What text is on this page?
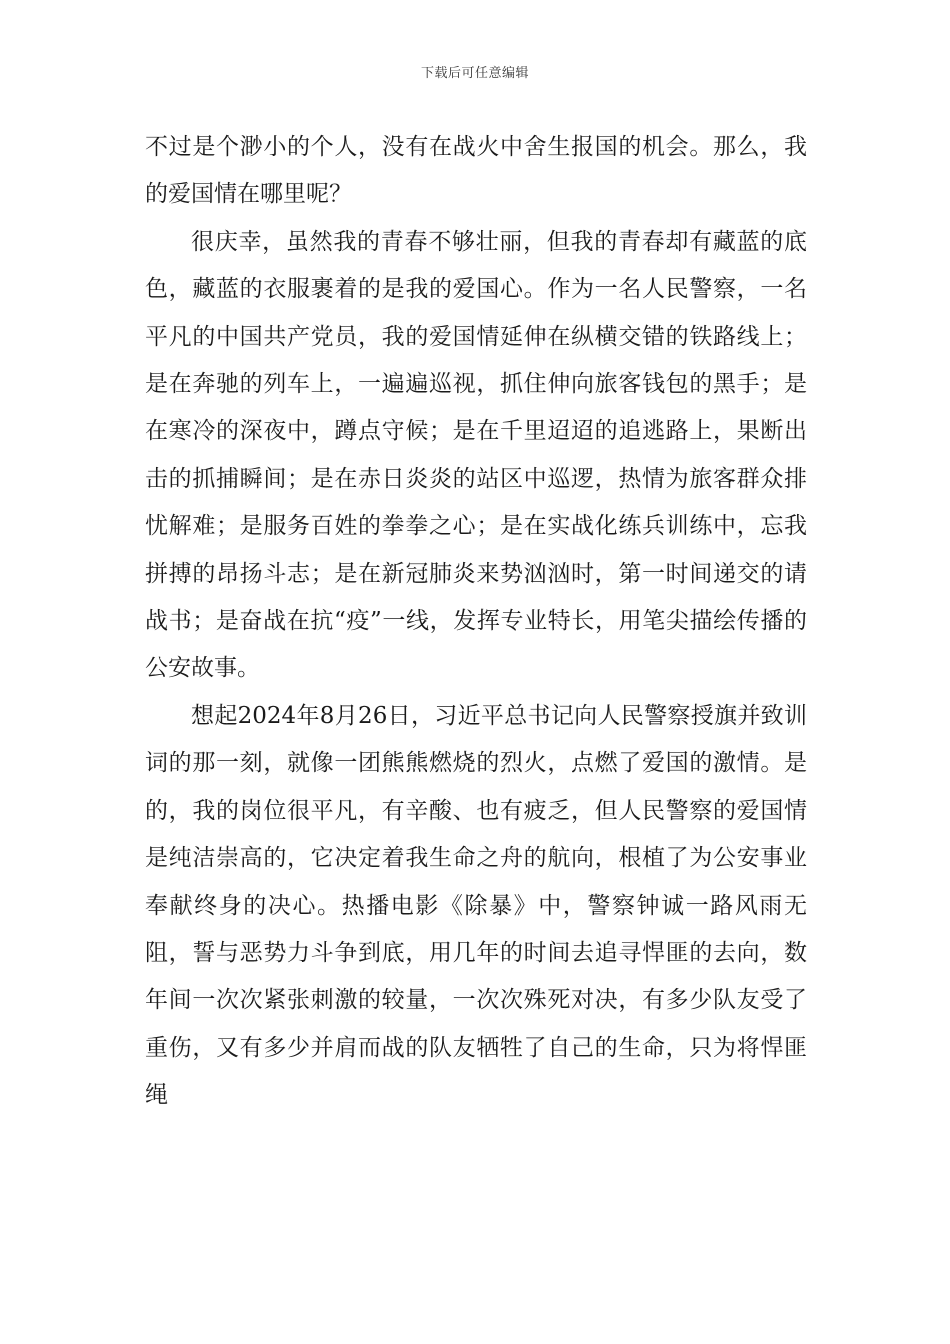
下载后可任意编辑

不过是个渺小的个人，没有在战火中舍生报国的机会。那么，我的爱国情在哪里呢？

很庆幸，虽然我的青春不够壮丽，但我的青春却有藏蓝的底色，藏蓝的衣服裹着的是我的爱国心。作为一名人民警察，一名平凡的中国共产党员，我的爱国情延伸在纵横交错的铁路线上；是在奔驰的列车上，一遍遍巡视，抓住伸向旅客钱包的黑手；是在寒冷的深夜中，蹲点守候；是在千里迢迢的追逃路上，果断出击的抓捕瞬间；是在赤日炎炎的站区中巡逻，热情为旅客群众排忧解难；是服务百姓的拳拳之心；是在实战化练兵训练中，忘我拼搏的昂扬斗志；是在新冠肺炎来势汹汹时，第一时间递交的请战书；是奋战在抗“疫”一线，发挥专业特长，用笔尖描绘传播的公安故事。

想起2024年8月26日，习近平总书记向人民警察授旗并致训词的那一刻，就像一团熊熊燃烧的烈火，点燃了爱国的激情。是的，我的岗位很平凡，有辛酸、也有疲乏，但人民警察的爱国情是纯洁崇高的，它决定着我生命之舟的航向，根植了为公安事业奉献终身的决心。热播电影《除暴》中，警察钟诚一路风雨无阻，誓与恶势力斗争到底，用几年的时间去追寻悍匪的去向，数年间一次次紧张刺激的较量，一次次殊死对决，有多少队友受了重伤，又有多少并肩而战的队友牺牲了自己的生命，只为将悍匪绳
